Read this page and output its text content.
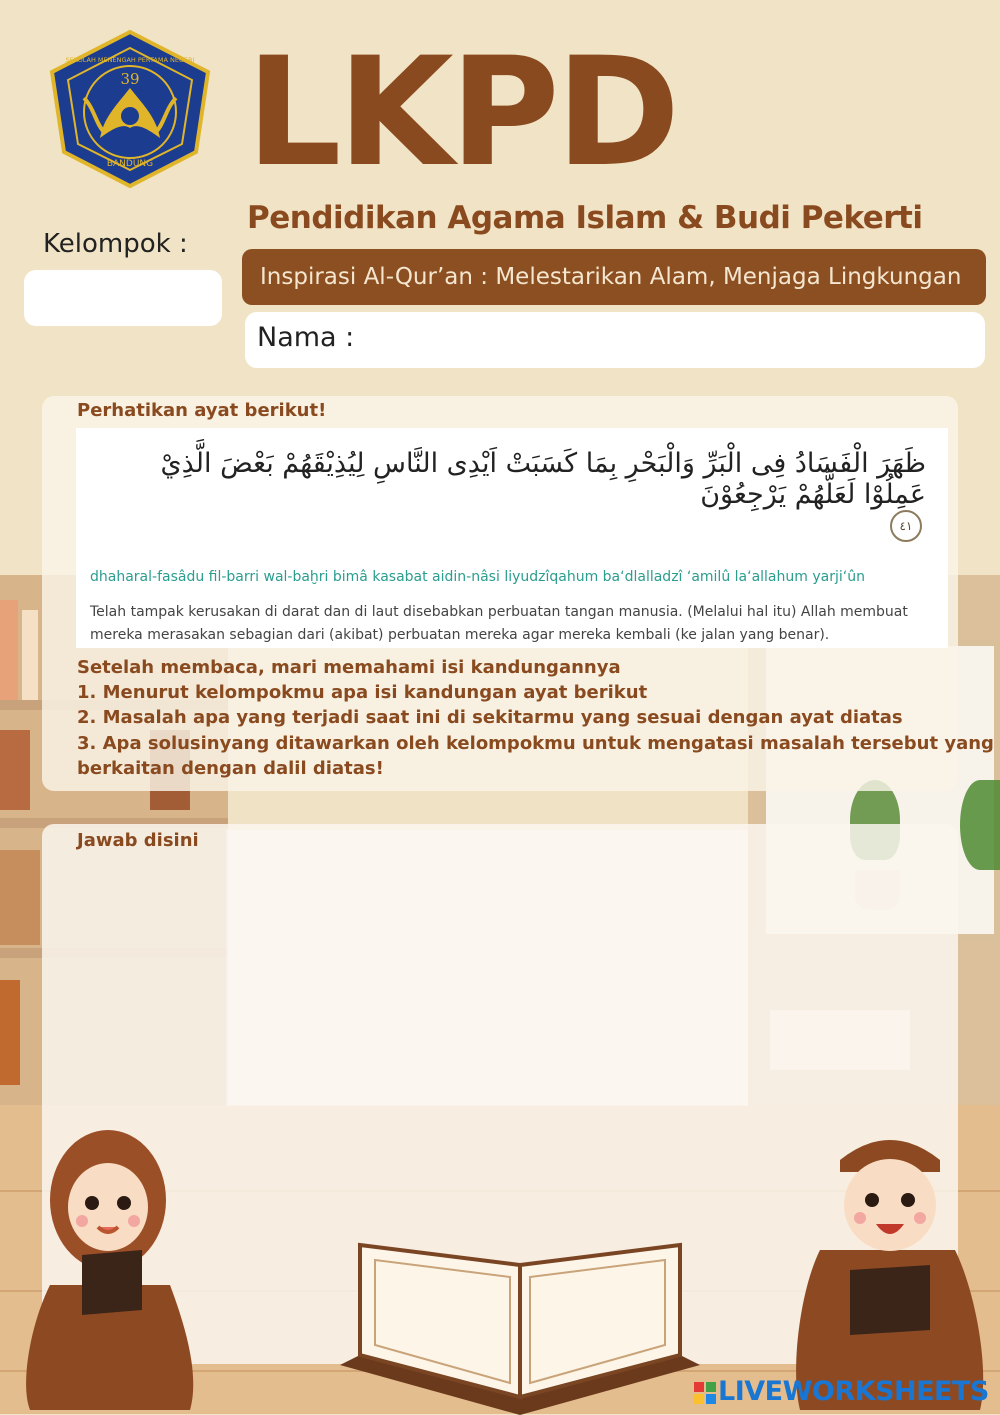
39
BANDUNG
SEKOLAH MENENGAH PERTAMA NEGERI LKPD
Pendidikan Agama Islam & Budi Pekerti
Kelompok :
Inspirasi Al-Qur’an : Melestarikan Alam, Menjaga Lingkungan
Nama :
Perhatikan ayat berikut!
ظَهَرَ الْفَسَادُ فِى الْبَرِّ وَالْبَحْرِ بِمَا كَسَبَتْ اَيْدِى النَّاسِ لِيُذِيْقَهُمْ بَعْضَ الَّذِيْ عَمِلُوْا لَعَلَّهُمْ يَرْجِعُوْنَ
٤١
dhaharal-fasâdu fil-barri wal-baḫri bimâ kasabat aidin-nâsi liyudzîqahum ba‘dlalladzî ‘amilû la‘allahum yarji‘ûn
Telah tampak kerusakan di darat dan di laut disebabkan perbuatan tangan manusia. (Melalui hal itu) Allah membuat mereka merasakan sebagian dari (akibat) perbuatan mereka agar mereka kembali (ke jalan yang benar).
Setelah membaca, mari memahami isi kandungannya
1. Menurut kelompokmu apa isi kandungan ayat berikut
2. Masalah apa yang terjadi saat ini di sekitarmu yang sesuai dengan ayat diatas
3. Apa solusinyang ditawarkan oleh kelompokmu untuk mengatasi masalah tersebut yang
berkaitan dengan dalil diatas!
Jawab disini
LIVEWORKSHEETS
